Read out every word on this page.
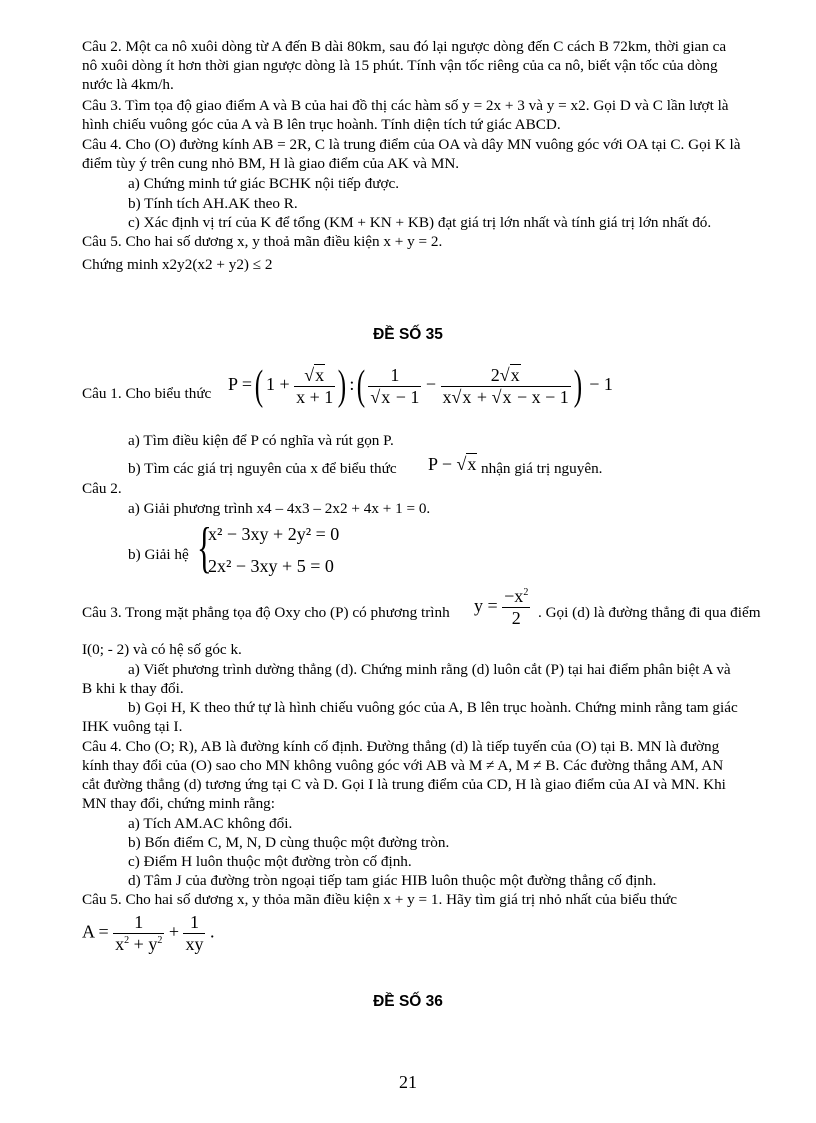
Câu 2. Một ca nô xuôi dòng từ A đến B dài 80km, sau đó lại ngược dòng đến C cách B 72km, thời gian ca
nô xuôi dòng ít hơn thời gian ngược dòng là 15 phút. Tính vận tốc riêng của ca nô, biết vận tốc của dòng
nước là 4km/h.
Câu 3. Tìm tọa độ giao điểm A và B của hai đồ thị các hàm số y = 2x + 3 và y = x2. Gọi D và C lần lượt là
hình chiếu vuông góc của A và B lên trục hoành. Tính diện tích tứ giác ABCD.
Câu 4. Cho (O) đường kính AB = 2R, C là trung điểm của OA và dây MN vuông góc với OA tại C. Gọi K là
điểm tùy ý trên cung nhỏ BM, H là giao điểm của AK và MN.
a) Chứng minh tứ giác BCHK nội tiếp được.
b) Tính tích AH.AK theo R.
c) Xác định vị trí của K để tổng (KM + KN + KB) đạt giá trị lớn nhất và tính giá trị lớn nhất đó.
Câu 5. Cho hai số dương x, y thoả mãn điều kiện x + y = 2.
Chứng minh x2y2(x2 + y2) ≤ 2
ĐỀ SỐ 35
Câu 1. Cho biểu thức P =( $1 + \frac{√x}{x + 1}$ ) :( $\frac{1}{√x - 1} - \frac{2√x}{x√x + √x - x - 1}$ ) − 1
a) Tìm điều kiện để P có nghĩa và rút gọn P.
b) Tìm các giá trị nguyên của x để biểu thức P − √x nhận giá trị nguyên.
Câu 2.
a) Giải phương trình x4 – 4x3 – 2x2 + 4x + 1 = 0.
b) Giải hệ {
x² − 3xy + 2y² = 0
2x² − 3xy + 5 = 0
Câu 3. Trong mặt phẳng tọa độ Oxy cho (P) có phương trình $y = \frac{-x^2}{2}$ . Gọi (d) là đường thẳng đi qua điểm
I(0; - 2) và có hệ số góc k.
a) Viết phương trình dường thẳng (d). Chứng minh rằng (d) luôn cắt (P) tại hai điểm phân biệt A và
B khi k thay đổi.
b) Gọi H, K theo thứ tự là hình chiếu vuông góc của A, B lên trục hoành. Chứng minh rằng tam giác
IHK vuông tại I.
Câu 4. Cho (O; R), AB là đường kính cố định. Đường thẳng (d) là tiếp tuyến của (O) tại B. MN là đường
kính thay đổi của (O) sao cho MN không vuông góc với AB và M ≠ A, M ≠ B. Các đường thẳng AM, AN
cắt đường thẳng (d) tương ứng tại C và D. Gọi I là trung điểm của CD, H là giao điểm của AI và MN. Khi
MN thay đổi, chứng minh rằng:
a) Tích AM.AC không đổi.
b) Bốn điểm C, M, N, D cùng thuộc một đường tròn.
c) Điểm H luôn thuộc một đường tròn cố định.
d) Tâm J của đường tròn ngoại tiếp tam giác HIB luôn thuộc một đường thẳng cố định.
Câu 5. Cho hai số dương x, y thỏa mãn điều kiện x + y = 1. Hãy tìm giá trị nhỏ nhất của biểu thức
$A = \frac{1}{x^2 + y^2} + \frac{1}{xy}$ .
ĐỀ SỐ 36
21
